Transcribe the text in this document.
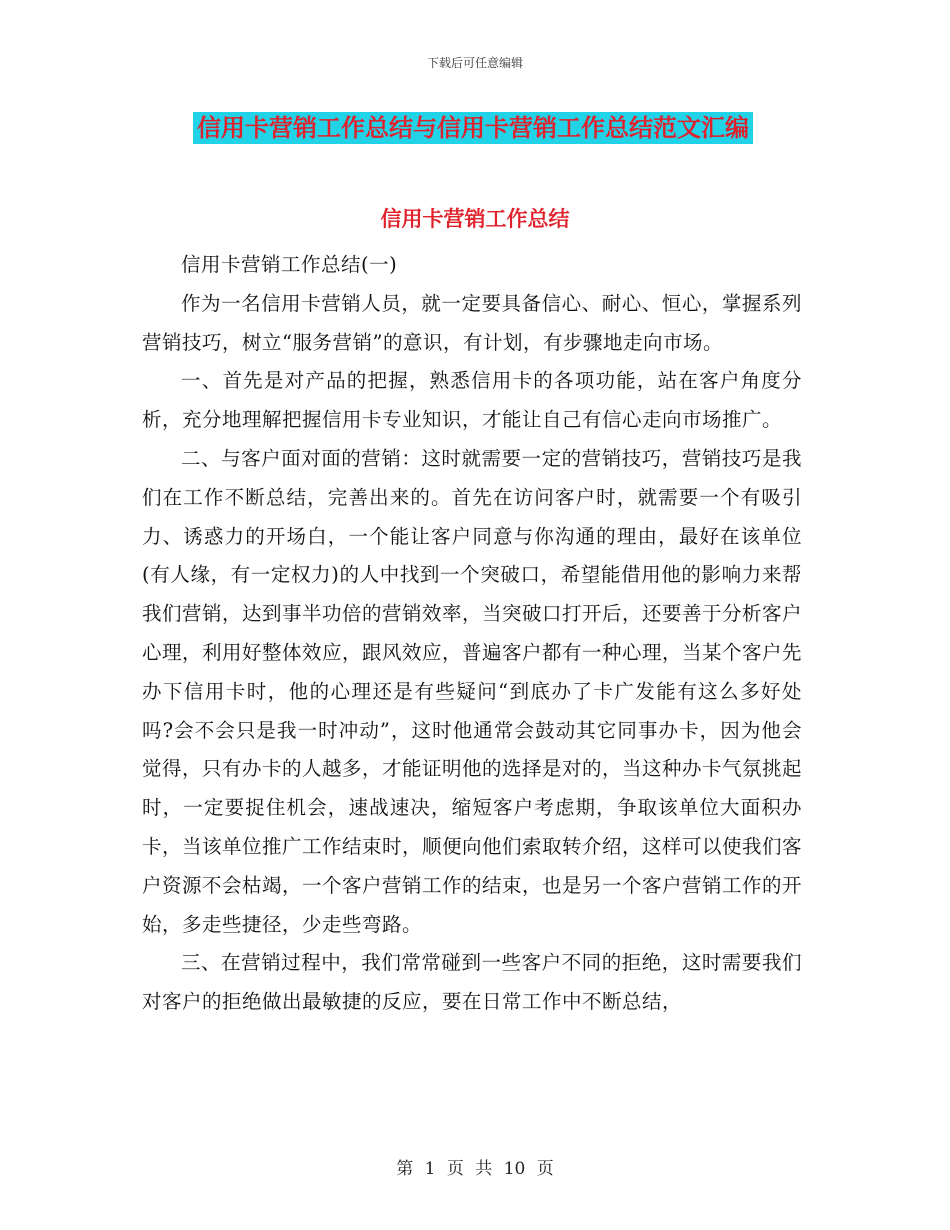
下载后可任意编辑
信用卡营销工作总结与信用卡营销工作总结范文汇编
信用卡营销工作总结

信用卡营销工作总结(一)

作为一名信用卡营销人员，就一定要具备信心、耐心、恒心，掌握系列营销技巧，树立“服务营销”的意识，有计划，有步骤地走向市场。

一、首先是对产品的把握，熟悉信用卡的各项功能，站在客户角度分析，充分地理解把握信用卡专业知识，才能让自己有信心走向市场推广。

二、与客户面对面的营销：这时就需要一定的营销技巧，营销技巧是我们在工作不断总结，完善出来的。首先在访问客户时，就需要一个有吸引力、诱惑力的开场白，一个能让客户同意与你沟通的理由，最好在该单位(有人缘，有一定权力)的人中找到一个突破口，希望能借用他的影响力来帮我们营销，达到事半功倍的营销效率，当突破口打开后，还要善于分析客户心理，利用好整体效应，跟风效应，普遍客户都有一种心理，当某个客户先办下信用卡时，他的心理还是有些疑问“到底办了卡广发能有这么多好处吗?会不会只是我一时冲动”，这时他通常会鼓动其它同事办卡，因为他会觉得，只有办卡的人越多，才能证明他的选择是对的，当这种办卡气氛挑起时，一定要捉住机会，速战速决，缩短客户考虑期，争取该单位大面积办卡，当该单位推广工作结束时，顺便向他们索取转介绍，这样可以使我们客户资源不会枯竭，一个客户营销工作的结束，也是另一个客户营销工作的开始，多走些捷径，少走些弯路。

三、在营销过程中，我们常常碰到一些客户不同的拒绝，这时需要我们对客户的拒绝做出最敏捷的反应，要在日常工作中不断总结，

第 1 页 共 10 页
